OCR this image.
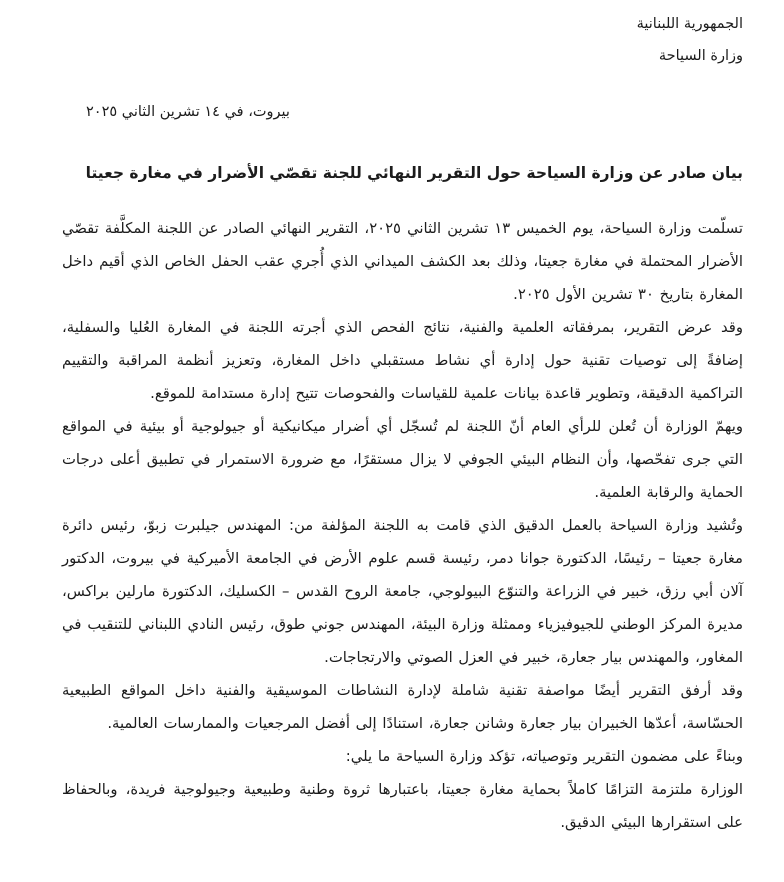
الجمهورية اللبنانية
وزارة السياحة
بيروت، في ١٤ تشرين الثاني ٢٠٢٥
بيان صادر عن وزارة السياحة حول التقرير النهائي للجنة تقصّي الأضرار في مغارة جعيتا

تسلّمت وزارة السياحة، يوم الخميس ١٣ تشرين الثاني ٢٠٢٥، التقرير النهائي الصادر عن اللجنة المكلَّفة تقصّي الأضرار المحتملة في مغارة جعيتا، وذلك بعد الكشف الميداني الذي أُجري عقب الحفل الخاص الذي أقيم داخل المغارة بتاريخ ٣٠ تشرين الأول ٢٠٢٥.

وقد عرض التقرير، بمرفقاته العلمية والفنية، نتائج الفحص الذي أجرته اللجنة في المغارة العُليا والسفلية، إضافةً إلى توصيات تقنية حول إدارة أي نشاط مستقبلي داخل المغارة، وتعزيز أنظمة المراقبة والتقييم التراكمية الدقيقة، وتطوير قاعدة بيانات علمية للقياسات والفحوصات تتيح إدارة مستدامة للموقع.

ويهمّ الوزارة أن تُعلن للرأي العام أنّ اللجنة لم تُسجّل أي أضرار ميكانيكية أو جيولوجية أو بيئية في المواقع التي جرى تفحّصها، وأن النظام البيئي الجوفي لا يزال مستقرًا، مع ضرورة الاستمرار في تطبيق أعلى درجات الحماية والرقابة العلمية.

وتُشيد وزارة السياحة بالعمل الدقيق الذي قامت به اللجنة المؤلفة من: المهندس جيلبرت زبوّ، رئيس دائرة مغارة جعيتا – رئيسًا، الدكتورة جوانا دمر، رئيسة قسم علوم الأرض في الجامعة الأميركية في بيروت، الدكتور آلان أبي رزق، خبير في الزراعة والتنوّع البيولوجي، جامعة الروح القدس – الكسليك، الدكتورة مارلين براكس، مديرة المركز الوطني للجيوفيزياء وممثلة وزارة البيئة، المهندس جوني طوق، رئيس النادي اللبناني للتنقيب في المغاور، والمهندس بيار جعارة، خبير في العزل الصوتي والارتجاجات.

وقد أرفق التقرير أيضًا مواصفة تقنية شاملة لإدارة النشاطات الموسيقية والفنية داخل المواقع الطبيعية الحسّاسة، أعدّها الخبيران بيار جعارة وشانن جعارة، استنادًا إلى أفضل المرجعيات والممارسات العالمية.

وبناءً على مضمون التقرير وتوصياته، تؤكد وزارة السياحة ما يلي:

الوزارة ملتزمة التزامًا كاملاً بحماية مغارة جعيتا، باعتبارها ثروة وطنية وطبيعية وجيولوجية فريدة، وبالحفاظ على استقرارها البيئي الدقيق.
